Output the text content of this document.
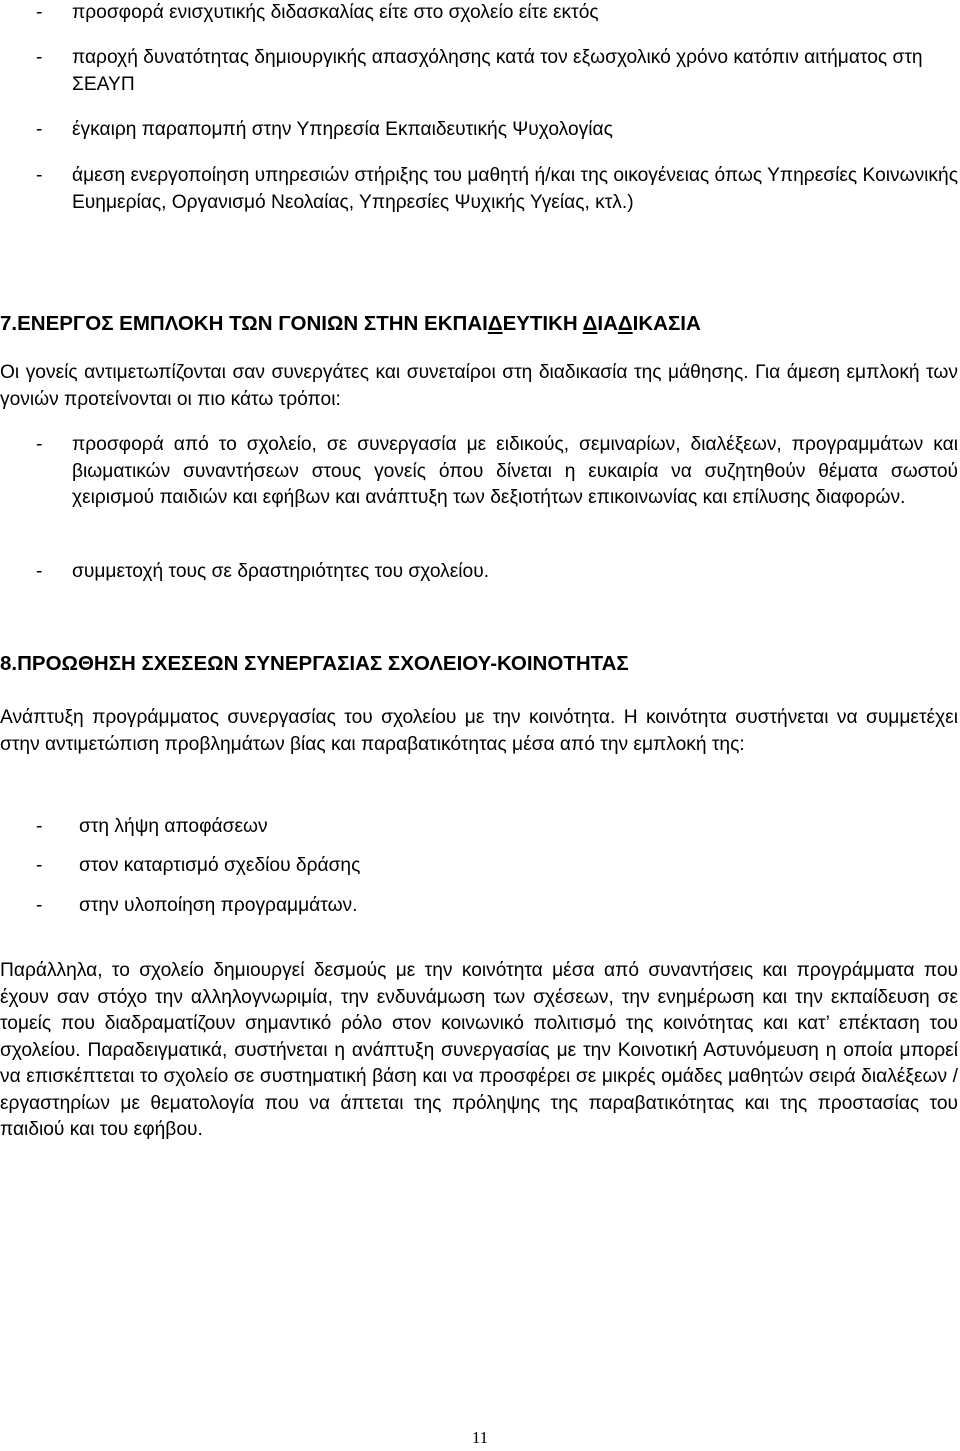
- προσφορά ενισχυτικής διδασκαλίας είτε στο σχολείο είτε εκτός
- παροχή δυνατότητας δημιουργικής απασχόλησης κατά τον εξωσχολικό χρόνο κατόπιν αιτήματος στη ΣΕΑΥΠ
- έγκαιρη παραπομπή στην Υπηρεσία Εκπαιδευτικής Ψυχολογίας
- άμεση ενεργοποίηση υπηρεσιών στήριξης του μαθητή ή/και της οικογένειας όπως Υπηρεσίες Κοινωνικής Ευημερίας, Οργανισμό Νεολαίας, Υπηρεσίες Ψυχικής Υγείας, κτλ.)
7.ΕΝΕΡΓΟΣ ΕΜΠΛΟΚΗ ΤΩΝ ΓΟΝΙΩΝ ΣΤΗΝ ΕΚΠΑΙΔΕΥΤΙΚΗ ΔΙΑΔΙΚΑΣΙΑ
Οι γονείς αντιμετωπίζονται σαν συνεργάτες και συνεταίροι στη διαδικασία της μάθησης. Για άμεση εμπλοκή των γονιών προτείνονται οι πιο κάτω τρόποι:
- προσφορά από το σχολείο, σε συνεργασία με ειδικούς, σεμιναρίων, διαλέξεων, προγραμμάτων και βιωματικών συναντήσεων στους γονείς όπου δίνεται η ευκαιρία να συζητηθούν θέματα σωστού χειρισμού παιδιών και εφήβων και ανάπτυξη των δεξιοτήτων επικοινωνίας και επίλυσης διαφορών.
- συμμετοχή τους σε δραστηριότητες του σχολείου.
8.ΠΡΟΩΘΗΣΗ ΣΧΕΣΕΩΝ ΣΥΝΕΡΓΑΣΙΑΣ ΣΧΟΛΕΙΟΥ-ΚΟΙΝΟΤΗΤΑΣ
Ανάπτυξη προγράμματος συνεργασίας του σχολείου με την κοινότητα. Η κοινότητα συστήνεται να συμμετέχει στην αντιμετώπιση προβλημάτων βίας και παραβατικότητας μέσα από την εμπλοκή της:
- στη λήψη αποφάσεων
- στον καταρτισμό σχεδίου δράσης
- στην υλοποίηση προγραμμάτων.
Παράλληλα, το σχολείο δημιουργεί δεσμούς με την κοινότητα μέσα από συναντήσεις και προγράμματα που έχουν σαν στόχο την αλληλογνωριμία, την ενδυνάμωση των σχέσεων, την ενημέρωση και την εκπαίδευση σε τομείς που διαδραματίζουν σημαντικό ρόλο στον κοινωνικό πολιτισμό της κοινότητας και κατ’ επέκταση του σχολείου. Παραδειγματικά, συστήνεται η ανάπτυξη συνεργασίας με την Κοινοτική Αστυνόμευση η οποία μπορεί να επισκέπτεται το σχολείο σε συστηματική βάση και να προσφέρει σε μικρές ομάδες μαθητών σειρά διαλέξεων / εργαστηρίων με θεματολογία που να άπτεται της πρόληψης της παραβατικότητας και της προστασίας του παιδιού και του εφήβου.
11
